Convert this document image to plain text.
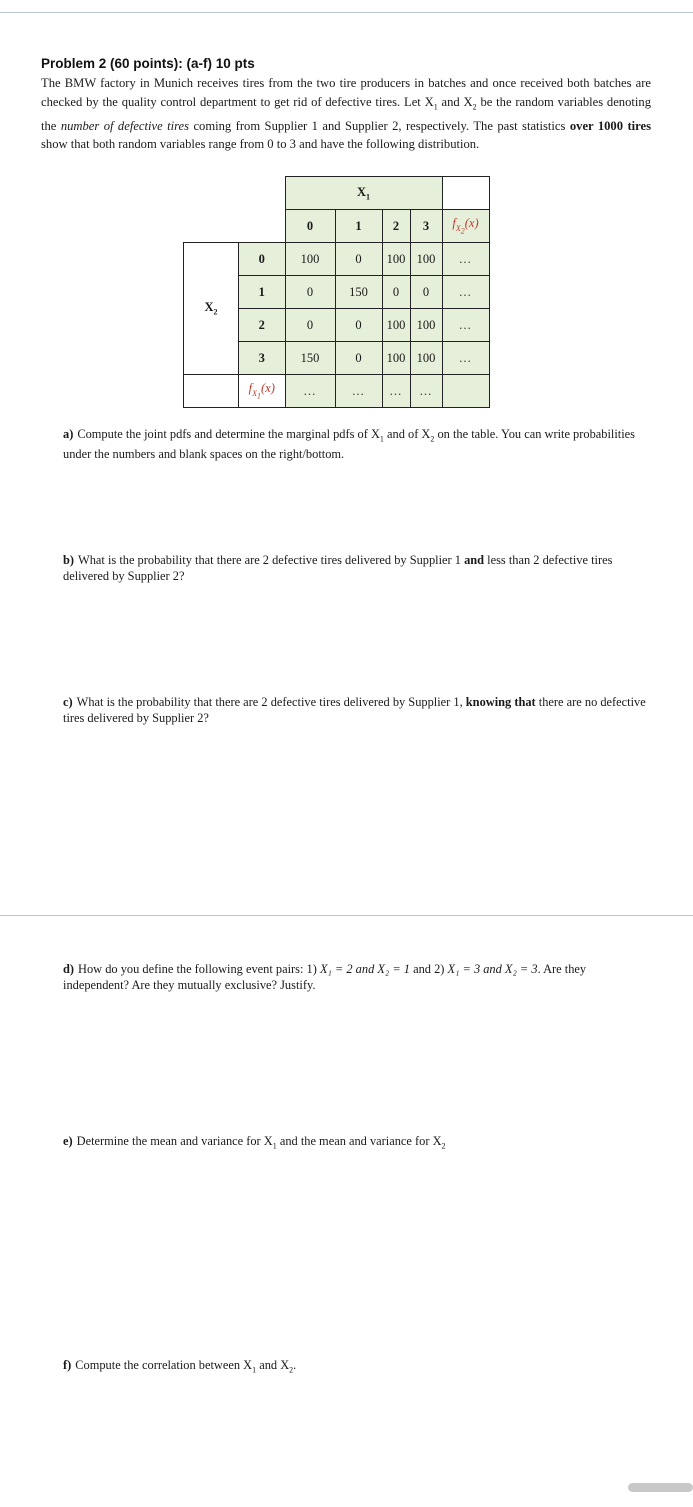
Problem 2 (60 points): (a-f) 10 pts
The BMW factory in Munich receives tires from the two tire producers in batches and once received both batches are checked by the quality control department to get rid of defective tires. Let $X_1$ and $X_2$ be the random variables denoting the number of defective tires coming from Supplier 1 and Supplier 2, respectively. The past statistics over 1000 tires show that both random variables range from 0 to 3 and have the following distribution.
		$X_1$	
		0	1	2	3	$f_{X_2}(x)$
$X_2$	0	100	0	100	100	…
	1	0	150	0	0	…
	2	0	0	100	100	…
	3	150	0	100	100	…
	$f_{X_1}(x)$	…	…	…	…	
a) Compute the joint pdfs and determine the marginal pdfs of $X_1$ and of $X_2$ on the table. You can write probabilities under the numbers and blank spaces on the right/bottom.
b) What is the probability that there are 2 defective tires delivered by Supplier 1 and less than 2 defective tires delivered by Supplier 2?
c) What is the probability that there are 2 defective tires delivered by Supplier 1, knowing that there are no defective tires delivered by Supplier 2?
d) How do you define the following event pairs: 1) X₁ = 2 and X₂ = 1 and 2) X₁ = 3 and X₂ = 3. Are they independent? Are they mutually exclusive? Justify.
e) Determine the mean and variance for $X_1$ and the mean and variance for $X_2$
f) Compute the correlation between $X_1$ and $X_2$.
